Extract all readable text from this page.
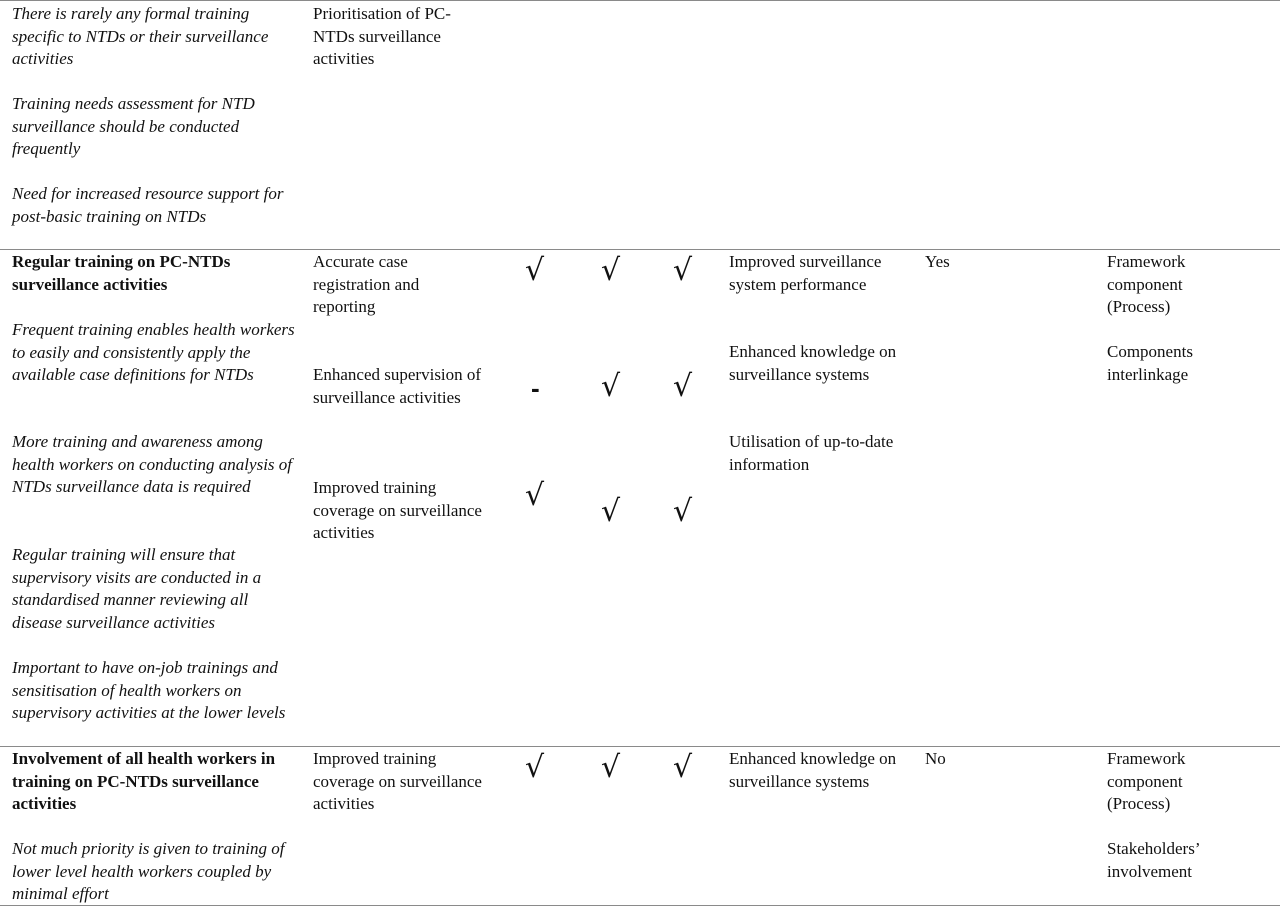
There is rarely any formal training specific to NTDs or their surveillance activities

Training needs assessment for NTD surveillance should be conducted frequently

Need for increased resource support for post-basic training on NTDs

Prioritisation of PC-NTDs surveillance activities
Regular training on PC-NTDs surveillance activities

Frequent training enables health workers to easily and consistently apply the available case definitions for NTDs

More training and awareness among health workers on conducting analysis of NTDs surveillance data is required

Regular training will ensure that supervisory visits are conducted in a standardised manner reviewing all disease surveillance activities

Important to have on-job trainings and sensitisation of health workers on supervisory activities at the lower levels

Accurate case registration and reporting
Enhanced supervision of surveillance activities
Improved training coverage on surveillance activities
√ √ √
- √ √
√ √ √
Improved surveillance system performance
Enhanced knowledge on surveillance systems
Utilisation of up-to-date information
Yes	Framework component (Process)
Components interlinkage
Involvement of all health workers in training on PC-NTDs surveillance activities
Not much priority is given to training of lower level health workers coupled by minimal effort
Improved training coverage on surveillance activities
√ √ √ Enhanced knowledge on surveillance systems
No	Framework component (Process)
Stakeholders’ involvement
